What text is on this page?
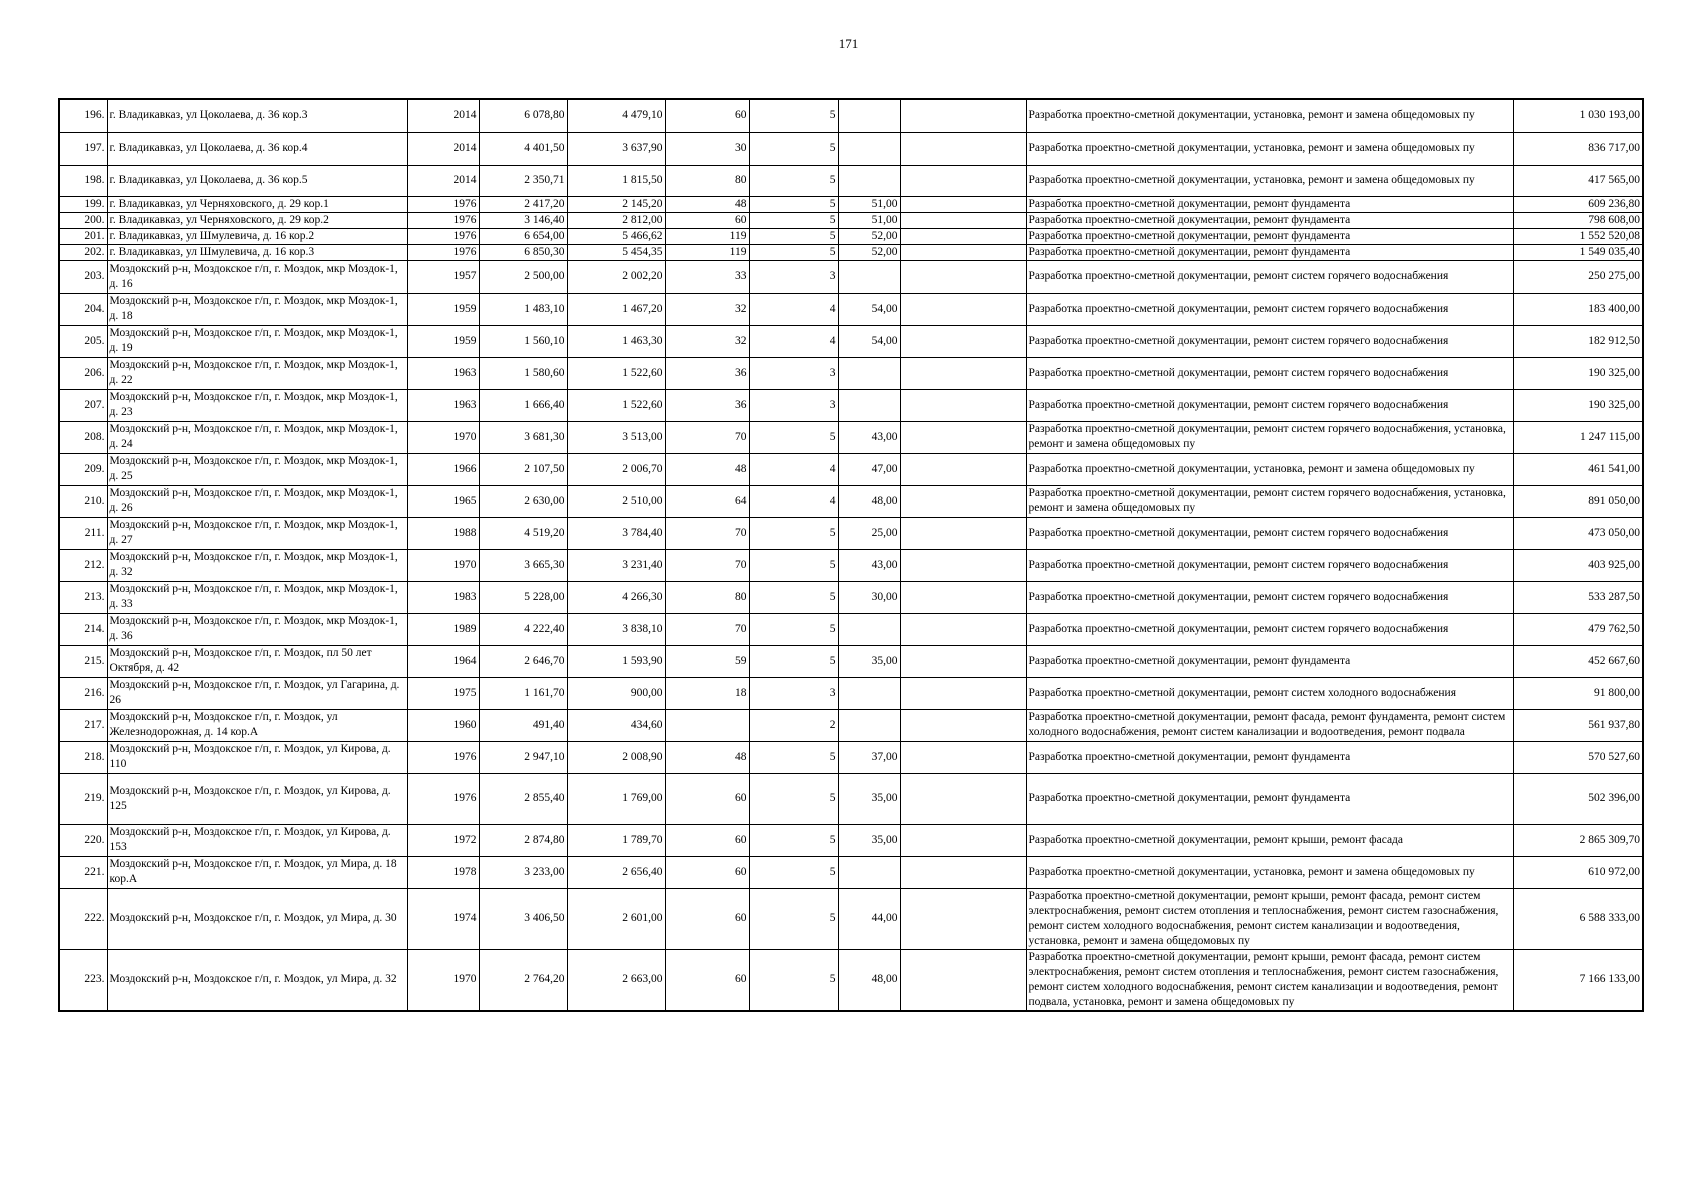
171
196.	г. Владикавказ, ул Цоколаева, д. 36 кор.3	2014	6 078,80	4 479,10	60	5			Разработка проектно-сметной документации, установка, ремонт и замена общедомовых пу	1 030 193,00
197.	г. Владикавказ, ул Цоколаева, д. 36 кор.4	2014	4 401,50	3 637,90	30	5			Разработка проектно-сметной документации, установка, ремонт и замена общедомовых пу	836 717,00
198.	г. Владикавказ, ул Цоколаева, д. 36 кор.5	2014	2 350,71	1 815,50	80	5			Разработка проектно-сметной документации, установка, ремонт и замена общедомовых пу	417 565,00
199.	г. Владикавказ, ул Черняховского, д. 29 кор.1	1976	2 417,20	2 145,20	48	5	51,00		Разработка проектно-сметной документации, ремонт фундамента	609 236,80
200.	г. Владикавказ, ул Черняховского, д. 29 кор.2	1976	3 146,40	2 812,00	60	5	51,00		Разработка проектно-сметной документации, ремонт фундамента	798 608,00
201.	г. Владикавказ, ул Шмулевича, д. 16 кор.2	1976	6 654,00	5 466,62	119	5	52,00		Разработка проектно-сметной документации, ремонт фундамента	1 552 520,08
202.	г. Владикавказ, ул Шмулевича, д. 16 кор.3	1976	6 850,30	5 454,35	119	5	52,00		Разработка проектно-сметной документации, ремонт фундамента	1 549 035,40
203.	Моздокский р-н, Моздокское г/п, г. Моздок, мкр Моздок-1, д. 16	1957	2 500,00	2 002,20	33	3			Разработка проектно-сметной документации, ремонт систем горячего водоснабжения	250 275,00
204.	Моздокский р-н, Моздокское г/п, г. Моздок, мкр Моздок-1, д. 18	1959	1 483,10	1 467,20	32	4	54,00		Разработка проектно-сметной документации, ремонт систем горячего водоснабжения	183 400,00
205.	Моздокский р-н, Моздокское г/п, г. Моздок, мкр Моздок-1, д. 19	1959	1 560,10	1 463,30	32	4	54,00		Разработка проектно-сметной документации, ремонт систем горячего водоснабжения	182 912,50
206.	Моздокский р-н, Моздокское г/п, г. Моздок, мкр Моздок-1, д. 22	1963	1 580,60	1 522,60	36	3			Разработка проектно-сметной документации, ремонт систем горячего водоснабжения	190 325,00
207.	Моздокский р-н, Моздокское г/п, г. Моздок, мкр Моздок-1, д. 23	1963	1 666,40	1 522,60	36	3			Разработка проектно-сметной документации, ремонт систем горячего водоснабжения	190 325,00
208.	Моздокский р-н, Моздокское г/п, г. Моздок, мкр Моздок-1, д. 24	1970	3 681,30	3 513,00	70	5	43,00		Разработка проектно-сметной документации, ремонт систем горячего водоснабжения, установка, ремонт и замена общедомовых пу	1 247 115,00
209.	Моздокский р-н, Моздокское г/п, г. Моздок, мкр Моздок-1, д. 25	1966	2 107,50	2 006,70	48	4	47,00		Разработка проектно-сметной документации, установка, ремонт и замена общедомовых пу	461 541,00
210.	Моздокский р-н, Моздокское г/п, г. Моздок, мкр Моздок-1, д. 26	1965	2 630,00	2 510,00	64	4	48,00		Разработка проектно-сметной документации, ремонт систем горячего водоснабжения, установка, ремонт и замена общедомовых пу	891 050,00
211.	Моздокский р-н, Моздокское г/п, г. Моздок, мкр Моздок-1, д. 27	1988	4 519,20	3 784,40	70	5	25,00		Разработка проектно-сметной документации, ремонт систем горячего водоснабжения	473 050,00
212.	Моздокский р-н, Моздокское г/п, г. Моздок, мкр Моздок-1, д. 32	1970	3 665,30	3 231,40	70	5	43,00		Разработка проектно-сметной документации, ремонт систем горячего водоснабжения	403 925,00
213.	Моздокский р-н, Моздокское г/п, г. Моздок, мкр Моздок-1, д. 33	1983	5 228,00	4 266,30	80	5	30,00		Разработка проектно-сметной документации, ремонт систем горячего водоснабжения	533 287,50
214.	Моздокский р-н, Моздокское г/п, г. Моздок, мкр Моздок-1, д. 36	1989	4 222,40	3 838,10	70	5			Разработка проектно-сметной документации, ремонт систем горячего водоснабжения	479 762,50
215.	Моздокский р-н, Моздокское г/п, г. Моздок, пл 50 лет Октября, д. 42	1964	2 646,70	1 593,90	59	5	35,00		Разработка проектно-сметной документации, ремонт фундамента	452 667,60
216.	Моздокский р-н, Моздокское г/п, г. Моздок, ул Гагарина, д. 26	1975	1 161,70	900,00	18	3			Разработка проектно-сметной документации, ремонт систем холодного водоснабжения	91 800,00
217.	Моздокский р-н, Моздокское г/п, г. Моздок, ул Железнодорожная, д. 14 кор.А	1960	491,40	434,60		2			Разработка проектно-сметной документации, ремонт фасада, ремонт фундамента, ремонт систем холодного водоснабжения, ремонт систем канализации и водоотведения, ремонт подвала	561 937,80
218.	Моздокский р-н, Моздокское г/п, г. Моздок, ул Кирова, д. 110	1976	2 947,10	2 008,90	48	5	37,00		Разработка проектно-сметной документации, ремонт фундамента	570 527,60
219.	Моздокский р-н, Моздокское г/п, г. Моздок, ул Кирова, д. 125	1976	2 855,40	1 769,00	60	5	35,00		Разработка проектно-сметной документации, ремонт фундамента	502 396,00
220.	Моздокский р-н, Моздокское г/п, г. Моздок, ул Кирова, д. 153	1972	2 874,80	1 789,70	60	5	35,00		Разработка проектно-сметной документации, ремонт крыши, ремонт фасада	2 865 309,70
221.	Моздокский р-н, Моздокское г/п, г. Моздок, ул Мира, д. 18 кор.А	1978	3 233,00	2 656,40	60	5			Разработка проектно-сметной документации, установка, ремонт и замена общедомовых пу	610 972,00
222.	Моздокский р-н, Моздокское г/п, г. Моздок, ул Мира, д. 30	1974	3 406,50	2 601,00	60	5	44,00		Разработка проектно-сметной документации, ремонт крыши, ремонт фасада, ремонт систем электроснабжения, ремонт систем отопления и теплоснабжения, ремонт систем газоснабжения, ремонт систем холодного водоснабжения, ремонт систем канализации и водоотведения, установка, ремонт и замена общедомовых пу	6 588 333,00
223.	Моздокский р-н, Моздокское г/п, г. Моздок, ул Мира, д. 32	1970	2 764,20	2 663,00	60	5	48,00		Разработка проектно-сметной документации, ремонт крыши, ремонт фасада, ремонт систем электроснабжения, ремонт систем отопления и теплоснабжения, ремонт систем газоснабжения, ремонт систем холодного водоснабжения, ремонт систем канализации и водоотведения, ремонт подвала, установка, ремонт и замена общедомовых пу	7 166 133,00
